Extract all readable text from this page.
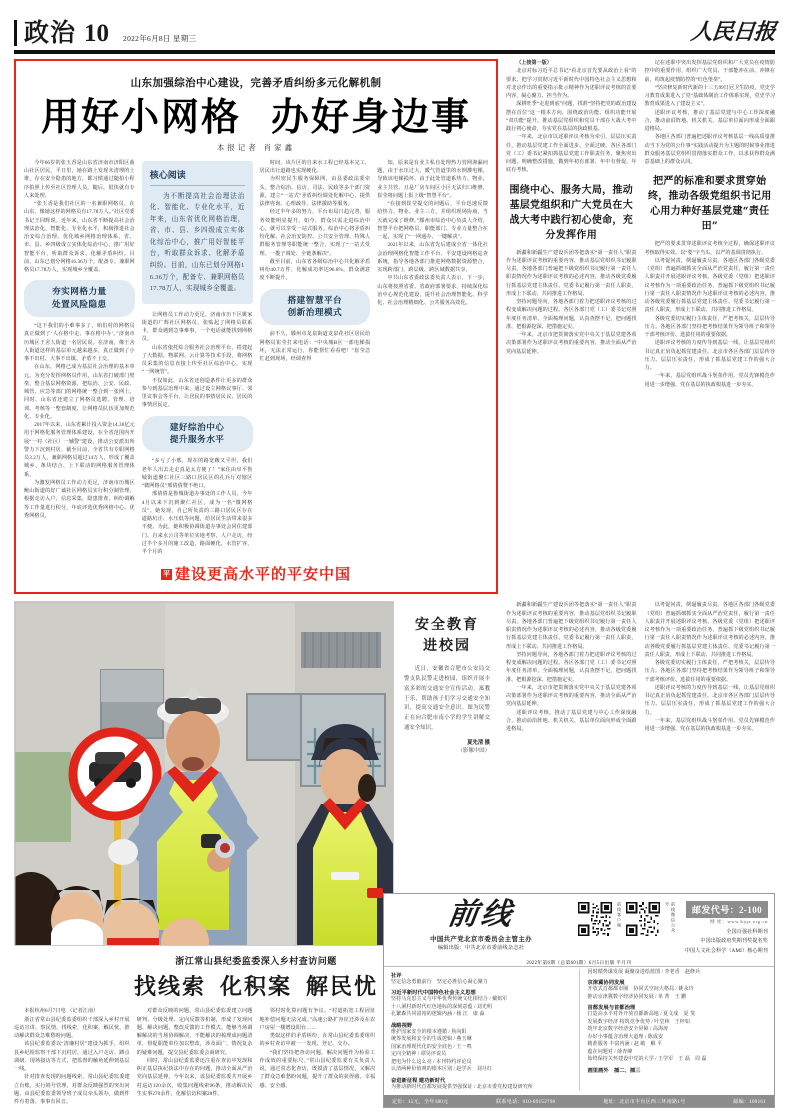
政治 10 2022年6月8日 星期三	人民日报
山东加强综治中心建设，完善矛盾纠纷多元化解机制
用好小网格 办好身边事
本报记者 肖家鑫

今年66岁的张玉香是山东省济南市济阳区曲山社区居民，平日里，她在路上发现未清理的土堆，存在安全隐患的地方，都习惯通过随拍小程序拍照上传至社区管理人员。随后，很快就有专人来处理。

“张玉香是我们社区的一名兼职网格员，在山东，像她这样的网格员有17.78万人。”社区党委书记王同辉说。近年来，山东省不断提高社会治理法治化、智能化、专业化水平，积极推进社会治安综合治理、优化城乡网格治理体系，省、市、县、乡四级成立实体化综治中心，推广用好智能平台，听取群众诉求、化解矛盾纠纷。目前，山东已划分网格16.36万个，配备专、兼职网格员17.78万人，实现城乡全覆盖。

夯实网格力量
处置风险隐患

“这下我们的小难事多了，咱们村的网格员真正做到了‘人在格中走、事在格中办’。”济南市历城区王舍人街道一名居民说。在济南，像王舍人街道这样的基层单元越来越多，真正做到了小事不出村、大事不出镇、矛盾不上交。

在山东，网格已成为基层社会治理的基本单元。为充分发挥网格员作用，山东省打破部门壁垒，整合基层网格资源，把综治、公安、民政、城管、应急等部门的网格统一整合到一张网上。同时，山东省还建立了网格员选聘、管理、培训、考核等一整套制度，让网格员队伍更加规范化、专业化。

2017年以来，山东省累计投入资金14.36亿元用于网格化服务管理体系建设，在全省范围内开展“一村（社区）一辅警”建设，推动公安派出所警力下沉到村居。截至目前，全省共有专职网格员3.2万人，兼职网格员超过14万人，形成了覆盖城乡、条块结合、上下联动的网格服务管理体系。

为激发网格员工作动力更足，济南市历城区鲍山街道的好广诚社区网格员实行积分制管理，根据走访入户、信息采集、隐患排查、纠纷调解等工作量进行积分，年底评选优秀网格中心、优秀网格员。

核心阅读

为不断提高社会治理法治化、智能化、专业化水平，近年来，山东省优化网格治理，省、市、县、乡四级成立实体化综治中心，推广用好智能平台，听取群众诉求、化解矛盾纠纷。目前，山东已划分网格16.36万个，配备专、兼职网格员17.78万人，实现城乡全覆盖。

让网格员工作动力更足。济南市历下区姚家街道的广辉社区网格员，张贴起了网格员联系卡，群众遇到急事难事，一个电话就能找到网格员。

山东省依托综合服务社会治理平台，搭建起了大数据、物联网、云计算等技术手段，将网格员采集的信息直接上传至社区综治中心，实现“一网统管”。

不仅如此，山东省还创造条件让更多的群众参与到基层治理中来，通过设立网格议事厅、邻里议事会等平台，让居民的事情居民议、居民的事情居民定。

建好综治中心
提升服务水平

“多亏了小邢，现在的路宽敞又平坦，我们老年人出去走走真是太方便了！”家住由阜平鲁城街道聚仁社区三路口居民区的孔兵厅对辖区“微网格员”邢倩倩赞不绝口。

邢倩倩是鲁城街道办事处的工作人员，今年4月以来下沉到聚仁社区，成为一名“微网格员”。她发现，自己所负责的三路口居民区存在道路坑洼、水压低等问题，给居民生活带来很多不便。为此，她积极协调街道办事处会同住建部门、自来水公司等单位实地考察，人户走访，经过半个多月的施工改造，路面硬化、水管扩容，半个月的

时间，该片区的自来水工程已经基本完工，居民出行道路也实现硬化。

为织密民生服务保障网，由县委政法委牵头，整合综治、信访、司法、民政等多个部门资源，建立“一站式”矛盾纠纷调处化解中心，提供法律咨询、心理疏导、法律援助等服务。

经过半年多的努力，平台布局日趋完善，服务效能明显提升。如今，群众只需走进综治中心，就可以享受一站式服务。综治中心将矛盾纠纷化解、社会治安防控、公共安全管理、特殊人群服务管理等职能统一整合，实现了“一站式受理、一揽子调处、全链条解决”。

截至目前，山东省各级综治中心共化解矛盾纠纷40.7万件，化解成功率达96.8%，群众满意度不断提升。

搭建智慧平台
创新治理模式

前不久，滕州市龙泉街道龙泉花社区居民给网格员崔莹打来电话：“中央城B区一部电梯损坏，无法正常运行，你能帮忙看看吧！”崔莹急忙赶到现场，经调查得

知，原来是有业主私自处理热力管网渗漏问题，由于水压过大，暖气管道里的水倒灌电梯，导致该电梯损坏。由于此处管道系热力、物业、业主共管，且是厂房车间区小区无法归口维修，崔莹将问题上报上级“智慧平台”。

“在接到崔莹提交的问题后，平台迅速反馈给热力、物业、业主三方，并组织现场协商，当天就完成了维修。”滕州市综治中心负责人介绍，智慧平台把网格员、职能部门、专业力量整合在一起，实现了“一网通办、一键解决”。

2021年以来，山东省先后建成全省一体化社会治理网格化智能工作平台、平安建设网格巡查系统，指导各地各部门推进网格数据资源整合，实现跨部门、跨层级、跨区域数据共享。

中共山东省委政法委负责人表示，下一步，山东将按照省委、省政府部署要求，持续深化综治中心规范化建设，提升社会治理智能化、科学化、社会治理精细化、公共服务高效化。

平 建设更高水平的平安中国

（上接第一版）

北京对标习近平总书记“看北京首先要从政治上看”的要求，把学习贯彻习近平新时代中国特色社会主义思想和对北京作出的重要指示批示精神作为述职评议考核的首要内容，凝心聚力、担当作为。

深耕旺季“走进到底”问题，找准“坚持把党的政治建设摆在首位”这一根本方向，围绕政治功能、组织功能开展“双功能”提升，推动基层党组织和党员干部在大战大考中践行初心使命，夯实党在基层的执政根基。

一年来，北京市以述职评议考核为牵引，层层压实责任，推动基层党建工作全面进步、全面过硬。各区各部门党（工）委书记紧扣抓基层党建工作职责任务，聚焦突出问题，明确整改措施，做到年初有部署、年中有督促、年底有考核。

围绕中心、服务大局，推动基层党组织和广大党员在大战大考中践行初心使命，充分发挥作用

新疆和新疆生产建设兵团等把落实“第一责任人”职责作为述职评议考核的重要内容，推动基层党组织书记履职尽责。各地各部门普遍把下级党组织书记履行第一责任人职责情况作为述职评议考核的必述内容，推动各级党委履行抓基层党建主体责任、党委书记履行第一责任人职责，形成上下联动、共同推进工作格局。

坚持问题导向，各地各部门着力把述职评议考核的过程变成解决问题的过程。各区各部门党（工）委书记对照年度任务清单，全面梳理问题，认真查摆不足，把问题找准、把根源挖深、把措施定实。

一年来，北京市把贯彻落实党中央关于基层党建各项决策部署作为述职评议考核的重要内容，推动全面从严治党向基层延伸。

记在述职中突出发挥基层党组织和广大党员在疫情防控中的重要作用，组织广大党员、干部能冲在前、冲锋在前，构筑起疫情防控的“红色堡垒”。

“坚决修复新时代新的十三五99日冠卫生防疫，党史学习教育成果进入了党“基础体制治工作体系实现，党史学习教育成果进入了建设主义”。

述职评议考核，推动了基层党建与中心工作深度融合，推动前沿阵地、机关机关、基层单位面向形成全面跟进格局。

各地区各部门普遍把述职评议考核基层一线高质量推动当下为党的公仆事“实践活动提升为主题的时候事业推进群众服务基层党组织贯彻落实群众工作，以求获得群众满意基础上的群众认同。

把严的标准和要求贯穿始终，推动各级党组织书记用心用力种好基层党建“责任田”

把严的要求贯穿述职评议考核全过程，确保述职评议考核取得实效。以“要”字当头，以严的基调贯彻执行。

以考促问责，倒逼履责尽责。各地区各部门各级党委（党组）普遍抓细抓实全面从严治党责任，履行第一责任人职责并开展述职评议考核。各级党委（党组）把述职评议考核作为一项重要政治任务，普遍抓下级党组织书记履行第一责任人职责情况作为述职评议考核的必述内容，推动各级党委履行抓基层党建主体责任、党委书记履行第一责任人职责，形成上下联动、共同推进工作格局。

各级党委切实履行主体责任，严把考核关，层层传导压力。各地区各部门坚持把考核结果作为领导班子和领导干部考核评价、选拔任用的重要依据。

述职评议考核的力度传导到基层一线，让基层党组织书记真正肩负起抓党建责任。北京市各区各部门层层传导压力、层层压实责任，形成了抓基层党建工作的强大合力。

一年来，基层党组织战斗堡垒作用、党员先锋模范作用进一步增强，党在基层的执政根基进一步夯实。

安全教育
进校园
近日，安徽省合肥市公安局交警支队民警走进校园，组织开展丰富多彩的交通安全宣传活动，寓教于乐，帮助孩子们学习交通安全知识，提高交通安全意识。图为民警正在向合肥市南小学的学生讲解交通安全知识。
夏先清 摄
（影像中国）

新疆和新疆生产建设兵团等把落实“第一责任人”职责作为述职评议考核的重要内容，推动基层党组织书记履职尽责。各地各部门普遍把下级党组织书记履行第一责任人职责情况作为述职评议考核的必述内容，推动各级党委履行抓基层党建主体责任、党委书记履行第一责任人职责，形成上下联动、共同推进工作格局。

坚持问题导向，各地各部门着力把述职评议考核的过程变成解决问题的过程。各区各部门党（工）委书记对照年度任务清单，全面梳理问题，认真查摆不足，把问题找准、把根源挖深、把措施定实。

一年来，北京市把贯彻落实党中央关于基层党建各项决策部署作为述职评议考核的重要内容，推动全面从严治党向基层延伸。

述职评议考核，推动了基层党建与中心工作深度融合，推动前沿阵地、机关机关、基层单位面向形成全面跟进格局。

以考促问责，倒逼履责尽责。各地区各部门各级党委（党组）普遍抓细抓实全面从严治党责任，履行第一责任人职责并开展述职评议考核。各级党委（党组）把述职评议考核作为一项重要政治任务，普遍抓下级党组织书记履行第一责任人职责情况作为述职评议考核的必述内容，推动各级党委履行抓基层党建主体责任、党委书记履行第一责任人职责，形成上下联动、共同推进工作格局。

各级党委切实履行主体责任，严把考核关，层层传导压力。各地区各部门坚持把考核结果作为领导班子和领导干部考核评价、选拔任用的重要依据。

述职评议考核的力度传导到基层一线，让基层党组织书记真正肩负起抓党建责任。北京市各区各部门层层传导压力、层层压实责任，形成了抓基层党建工作的强大合力。

一年来，基层党组织战斗堡垒作用、党员先锋模范作用进一步增强，党在基层的执政根基进一步夯实。

浙江常山县纪委监委深入乡村查访问题
找线索 化积案 解民忧

本报杭州6月7日电 （记者江南）

浙江省常山县纪委监委组织干部深入乡村开展巡访宣讲、察民情，找线索，化积案，解民忧，推动解决群众急难愁盼问题。

该县纪委监委以“清廉村居”建设为抓手，组织县乡纪检监察干部下沉村居，通过入户走访、蹲点调研、现场接访等方式，把监督的触角延伸到基层一线。

针对排查发现的问题线索，常山县纪委监委建立台账，实行销号管理，对群众反映强烈的突出问题，由县纪委监委领导班子成员牵头领办，做到件件有着落、事事有回音。

对群众反映的问题，常山县纪委监委建立问题研判、分级处理、定向反馈等机制，形成了发现问题、解决问题、整改反馈的工作模式。能够当场调解解决的当场协调解决，不能解决的梳理成问题清单，督促职能单位加以整改，涉及面广、情况复杂的疑难问题，提交县纪委监委会商研究。

同时，常山县纪委监委还注重在查访中发现和纠正基层执纪执法中存在的问题，推动全面从严治党向基层延伸。今年以来，该县纪委监委共开展乡村巡访120余次，收集问题线索96条，推动解决民生实事270余件，化解信访积案28件。

邻村时化算问题有争议。“村道拓宽工程因征地补偿问题无法完成。”高速公路扩容征迁涉及在农户房屋一楼增设阳台……

类似这样的矛盾纠纷，在常山县纪委监委组织的乡村查访中被一一发现、登记、交办。

“我们坚持把查访问题、解决问题作为检验工作成效的重要标尺。”常山县纪委监委有关负责人说，通过常态化查访，既摸清了基层情况，又解决了群众急难愁盼问题，提升了群众的获得感、幸福感、安全感。

前线
中国共产党北京市委员会主管主办
编辑出版：中共北京市委前线杂志社
前线客户端	前线微信公众号
邮发代号：2-100
网 址：www.bjqx.org.cn
全国百强社科期刊
中国出版政府奖期刊奖提名奖
中国人文社会科学（AMI）核心期刊
2022年第6期（总第601期）6月5日出版 半月刊
社评
坚定信念勇毅前行　坚定必胜信心凝心聚力
习近平新时代中国特色社会主义思想
坚持马克思主义与中华优秀传统文化相结合 / 戴焰军
十八洞村新时代红色地标的深刻意蕴 / 刘光明
孔繁森共同富裕的逻辑内涵 / 杨 江　康 淼
战略视野
维护国家安全的根本遵循 / 焦向阳
统筹发展和安全的生成逻辑 / 燕玉琳
国家治理现代化的安全底色 / 王一鸣
定向全精神 / 谭昊评说员
把电为什么这么亮 / 本刊特约评论员
认清两种价值观的根本区别 / 赵学兵　刘月红
奋进新征程 建功新时代
为推动新时代首都发展提供坚强保证 / 北京市委党校建设研究所
因时循势谋发展 凝聚奋进绘蓝图 / 李老香　赵修兵
京津冀协同发展
开放式首都都市圈　协同式空间大格局 / 姚永玲
推动京津冀数字经济协同发展 / 单 菁　王 鹏
首都发展与首都治理
打造高水平对外开放首都新高地 / 夏文成　夏 斐
发展数字经济 构筑竞争优势 / 叶堂林　王梓如
筑牢北京数字经济安全屏障 / 高海涛
办好小事蕴含治理大道理 / 陈成安
精准服务 丰富内涵 / 赵 敏　解 平
蕴在问题对 / 薛青峰
始终保持关怀建设中党的大学 / 王学军　王 磊　周 磊
画里画外　插二、插三
定价：15元，全年180元	联系电话：010-89152790	地址：北京市丰台区西三环南路1号	邮编：100161
